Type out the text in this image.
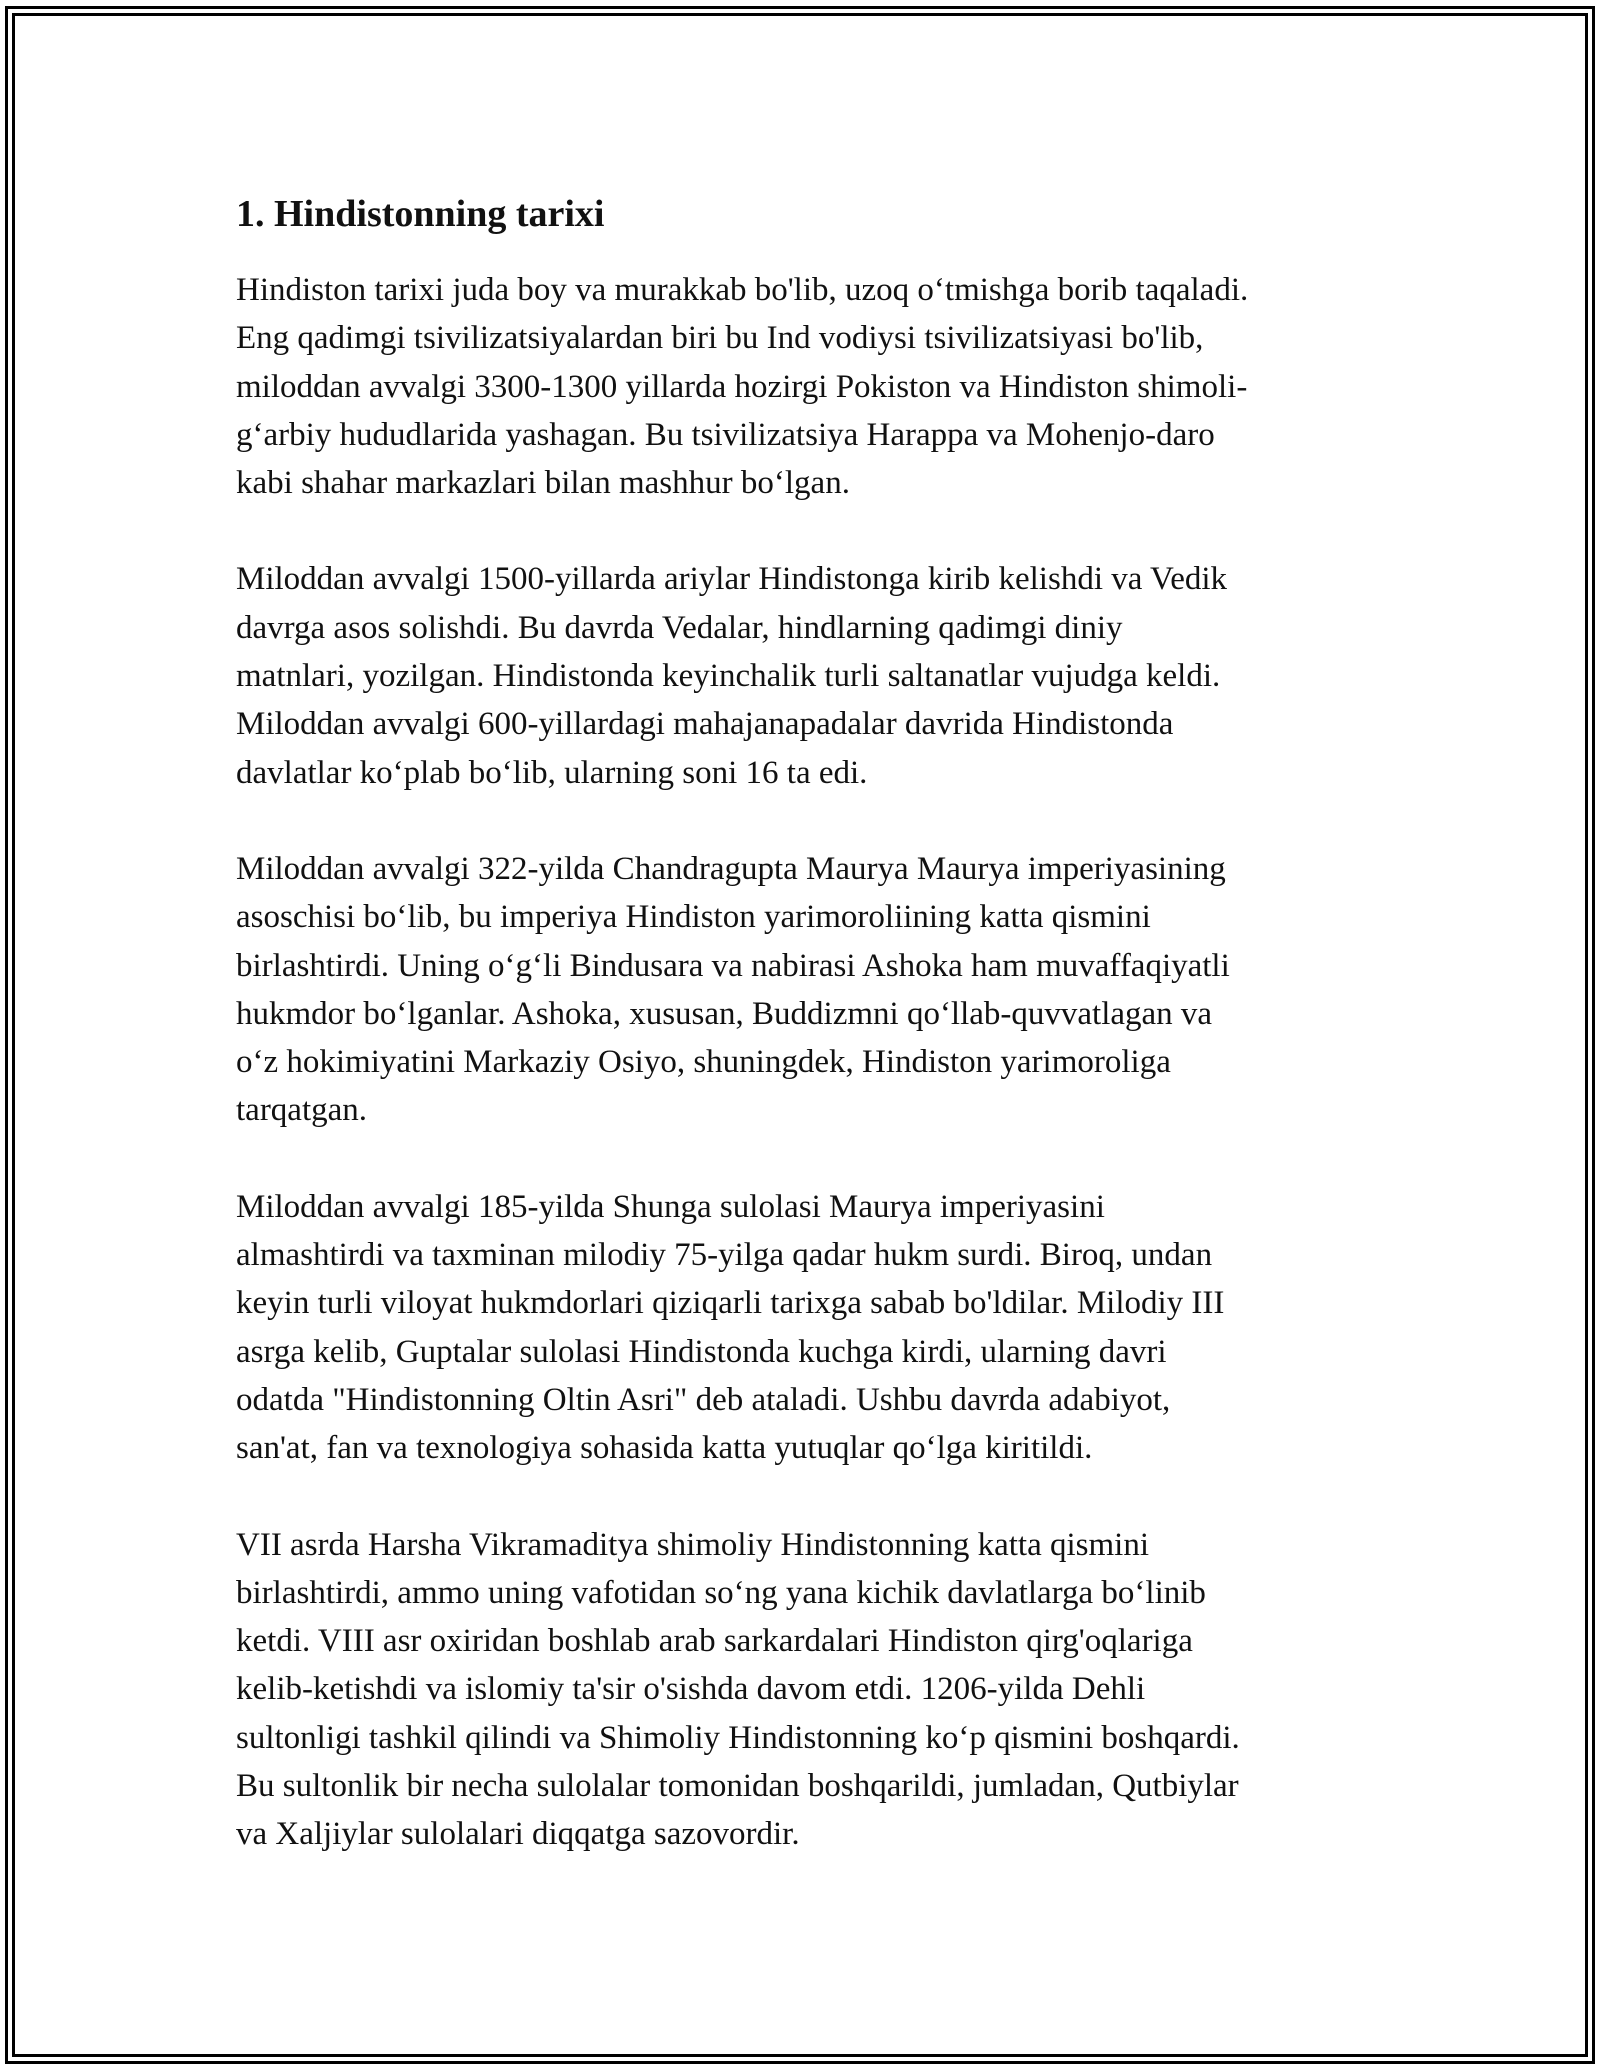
1. Hindistonning tarixi

Hindiston tarixi juda boy va murakkab bo'lib, uzoq o‘tmishga borib taqaladi.
Eng qadimgi tsivilizatsiyalardan biri bu Ind vodiysi tsivilizatsiyasi bo'lib,
miloddan avvalgi 3300-1300 yillarda hozirgi Pokiston va Hindiston shimoli-
g‘arbiy hududlarida yashagan. Bu tsivilizatsiya Harappa va Mohenjo-daro
kabi shahar markazlari bilan mashhur bo‘lgan.

Miloddan avvalgi 1500-yillarda ariylar Hindistonga kirib kelishdi va Vedik
davrga asos solishdi. Bu davrda Vedalar, hindlarning qadimgi diniy
matnlari, yozilgan. Hindistonda keyinchalik turli saltanatlar vujudga keldi.
Miloddan avvalgi 600-yillardagi mahajanapadalar davrida Hindistonda
davlatlar ko‘plab bo‘lib, ularning soni 16 ta edi.

Miloddan avvalgi 322-yilda Chandragupta Maurya Maurya imperiyasining
asoschisi bo‘lib, bu imperiya Hindiston yarimoroliining katta qismini
birlashtirdi. Uning o‘g‘li Bindusara va nabirasi Ashoka ham muvaffaqiyatli
hukmdor bo‘lganlar. Ashoka, xususan, Buddizmni qo‘llab-quvvatlagan va
o‘z hokimiyatini Markaziy Osiyo, shuningdek, Hindiston yarimoroliga
tarqatgan.

Miloddan avvalgi 185-yilda Shunga sulolasi Maurya imperiyasini
almashtirdi va taxminan milodiy 75-yilga qadar hukm surdi. Biroq, undan
keyin turli viloyat hukmdorlari qiziqarli tarixga sabab bo'ldilar. Milodiy III
asrga kelib, Guptalar sulolasi Hindistonda kuchga kirdi, ularning davri
odatda "Hindistonning Oltin Asri" deb ataladi. Ushbu davrda adabiyot,
san'at, fan va texnologiya sohasida katta yutuqlar qo‘lga kiritildi.

VII asrda Harsha Vikramaditya shimoliy Hindistonning katta qismini
birlashtirdi, ammo uning vafotidan so‘ng yana kichik davlatlarga bo‘linib
ketdi. VIII asr oxiridan boshlab arab sarkardalari Hindiston qirg'oqlariga
kelib-ketishdi va islomiy ta'sir o'sishda davom etdi. 1206-yilda Dehli
sultonligi tashkil qilindi va Shimoliy Hindistonning ko‘p qismini boshqardi.
Bu sultonlik bir necha sulolalar tomonidan boshqarildi, jumladan, Qutbiylar
va Xaljiylar sulolalari diqqatga sazovordir.
